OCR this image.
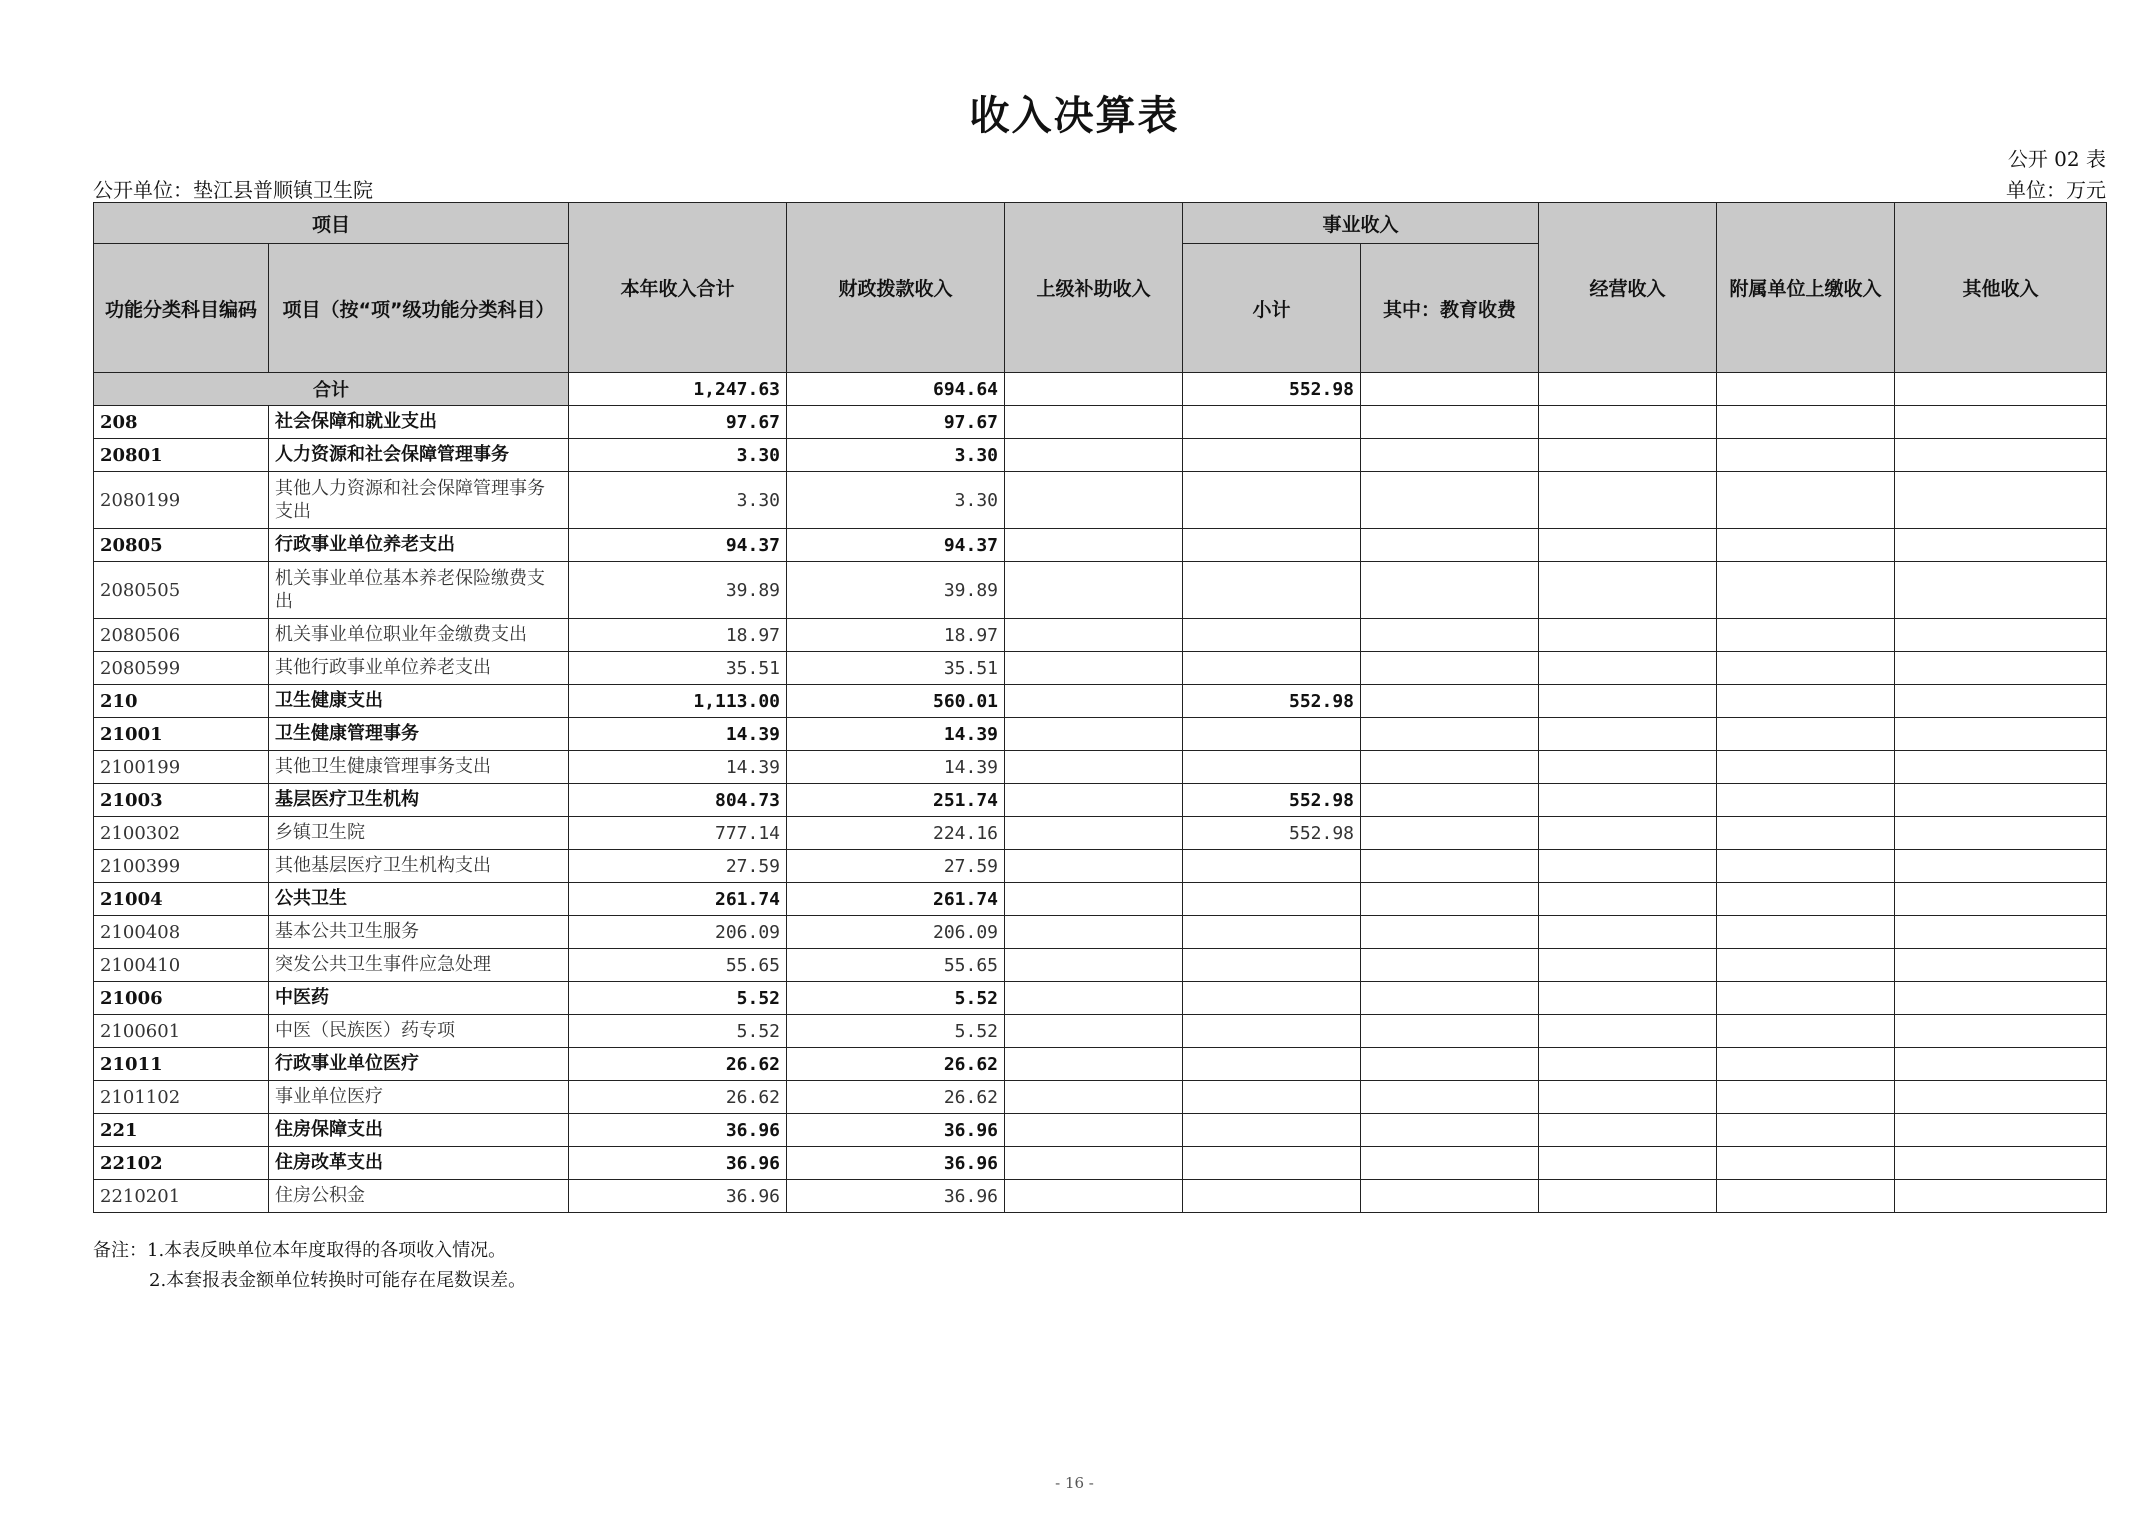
收入决算表
公开 02 表
公开单位：垫江县普顺镇卫生院	单位：万元
项目		本年收入合计	财政拨款收入	上级补助收入	事业收入		经营收入	附属单位上缴收入	其他收入
功能分类科目编码	项目（按“项”级功能分类科目）				小计	其中：教育收费			
合计		1,247.63	694.64		552.98				
208	社会保障和就业支出	97.67	97.67						
20801	人力资源和社会保障管理事务	3.30	3.30						
2080199	其他人力资源和社会保障管理事务支出	3.30	3.30						
20805	行政事业单位养老支出	94.37	94.37						
2080505	机关事业单位基本养老保险缴费支出	39.89	39.89						
2080506	机关事业单位职业年金缴费支出	18.97	18.97						
2080599	其他行政事业单位养老支出	35.51	35.51						
210	卫生健康支出	1,113.00	560.01		552.98				
21001	卫生健康管理事务	14.39	14.39						
2100199	其他卫生健康管理事务支出	14.39	14.39						
21003	基层医疗卫生机构	804.73	251.74		552.98				
2100302	乡镇卫生院	777.14	224.16		552.98				
2100399	其他基层医疗卫生机构支出	27.59	27.59						
21004	公共卫生	261.74	261.74						
2100408	基本公共卫生服务	206.09	206.09						
2100410	突发公共卫生事件应急处理	55.65	55.65						
21006	中医药	5.52	5.52						
2100601	中医（民族医）药专项	5.52	5.52						
21011	行政事业单位医疗	26.62	26.62						
2101102	事业单位医疗	26.62	26.62						
221	住房保障支出	36.96	36.96						
22102	住房改革支出	36.96	36.96						
2210201	住房公积金	36.96	36.96						
备注：1.本表反映单位本年度取得的各项收入情况。
2.本套报表金额单位转换时可能存在尾数误差。
- 16 -
